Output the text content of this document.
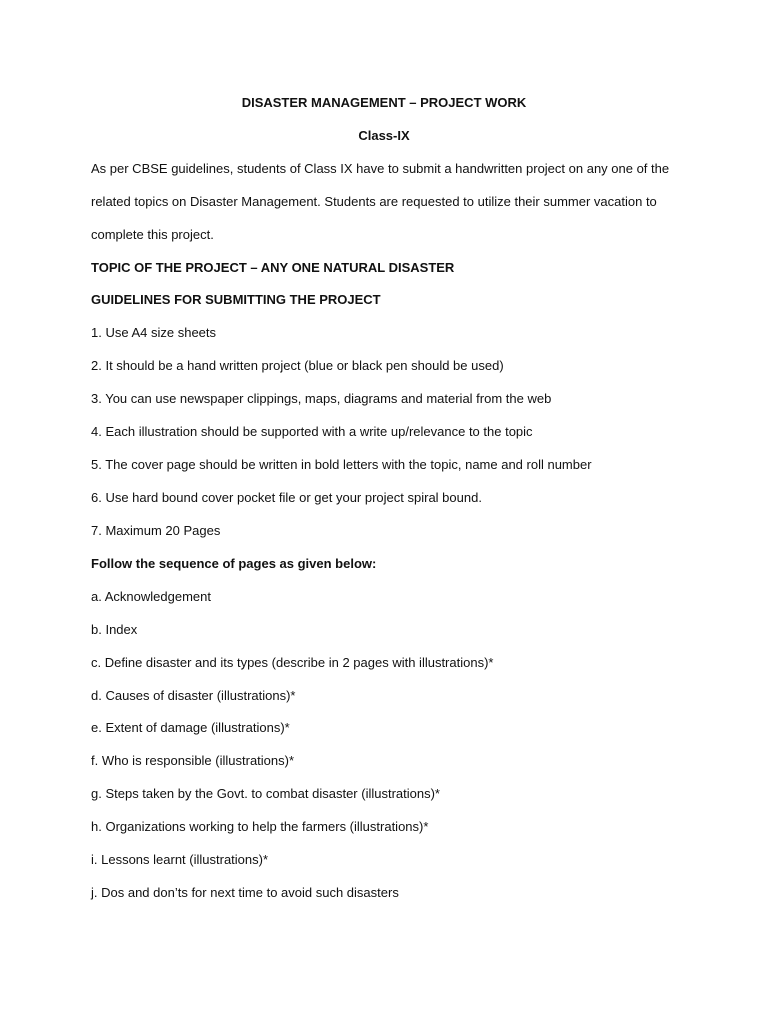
DISASTER MANAGEMENT – PROJECT WORK
Class-IX
As per CBSE guidelines, students of Class IX have to submit a handwritten project on any one of the
related topics on Disaster Management. Students are requested to utilize their summer vacation to
complete this project.
TOPIC OF THE PROJECT – ANY ONE NATURAL DISASTER
GUIDELINES FOR SUBMITTING THE PROJECT
1. Use A4 size sheets
2. It should be a hand written project (blue or black pen should be used)
3. You can use newspaper clippings, maps, diagrams and material from the web
4. Each illustration should be supported with a write up/relevance to the topic
5. The cover page should be written in bold letters with the topic, name and roll number
6. Use hard bound cover pocket file or get your project spiral bound.
7. Maximum 20 Pages
Follow the sequence of pages as given below:
a. Acknowledgement
b. Index
c. Define disaster and its types (describe in 2 pages with illustrations)*
d. Causes of disaster (illustrations)*
e. Extent of damage (illustrations)*
f. Who is responsible (illustrations)*
g. Steps taken by the Govt. to combat disaster (illustrations)*
h. Organizations working to help the farmers (illustrations)*
i. Lessons learnt (illustrations)*
j. Dos and don’ts for next time to avoid such disasters
